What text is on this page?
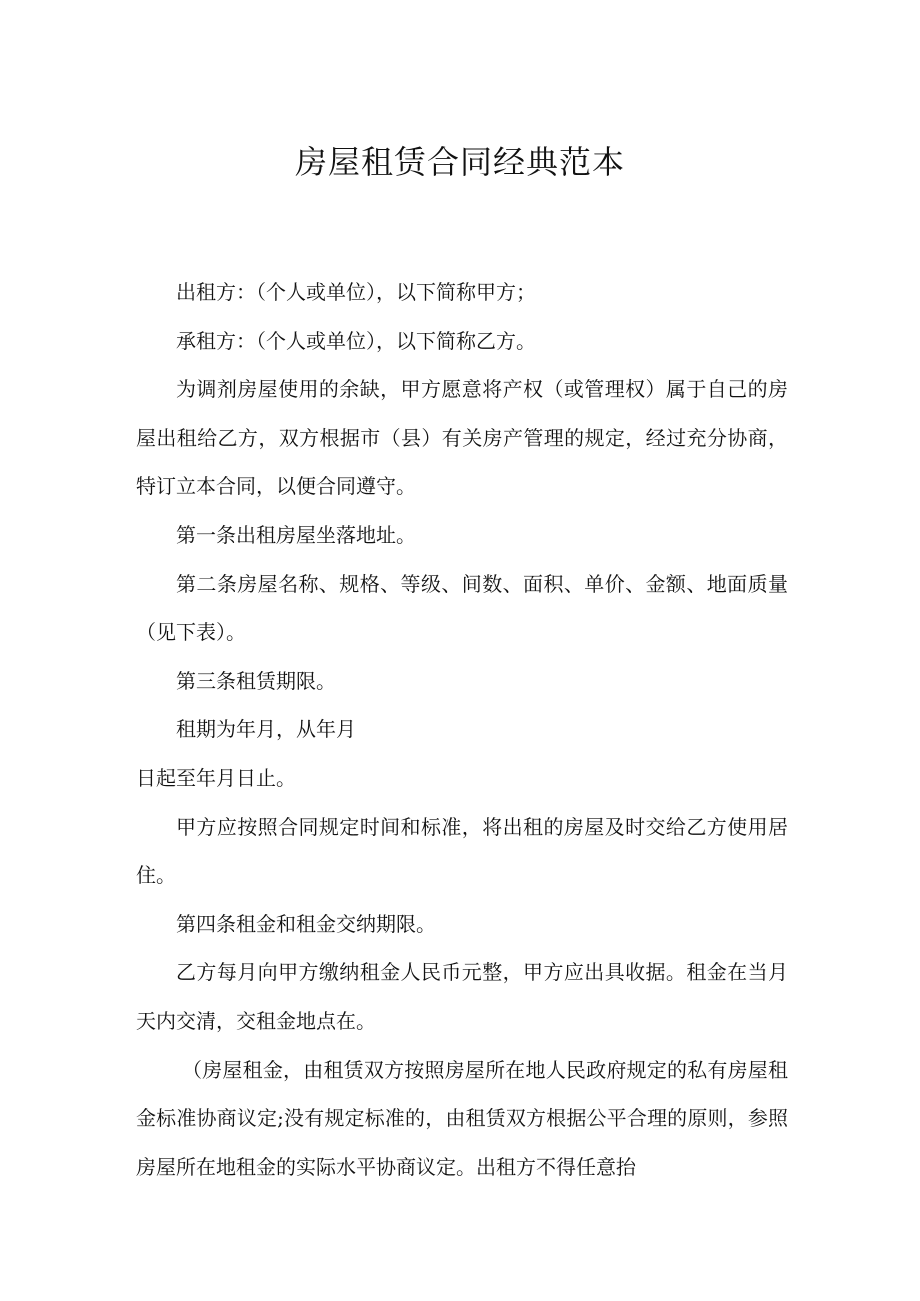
房屋租赁合同经典范本

出租方：（个人或单位），以下简称甲方；

承租方：（个人或单位），以下简称乙方。

为调剂房屋使用的余缺，甲方愿意将产权（或管理权）属于自己的房屋出租给乙方，双方根据市（县）有关房产管理的规定，经过充分协商，特订立本合同，以便合同遵守。

第一条出租房屋坐落地址。

第二条房屋名称、规格、等级、间数、面积、单价、金额、地面质量（见下表）。

第三条租赁期限。

租期为年月，从年月

日起至年月日止。

甲方应按照合同规定时间和标准，将出租的房屋及时交给乙方使用居住。

第四条租金和租金交纳期限。

乙方每月向甲方缴纳租金人民币元整，甲方应出具收据。租金在当月天内交清，交租金地点在。

（房屋租金，由租赁双方按照房屋所在地人民政府规定的私有房屋租金标准协商议定;没有规定标准的，由租赁双方根据公平合理的原则，参照房屋所在地租金的实际水平协商议定。出租方不得任意抬
